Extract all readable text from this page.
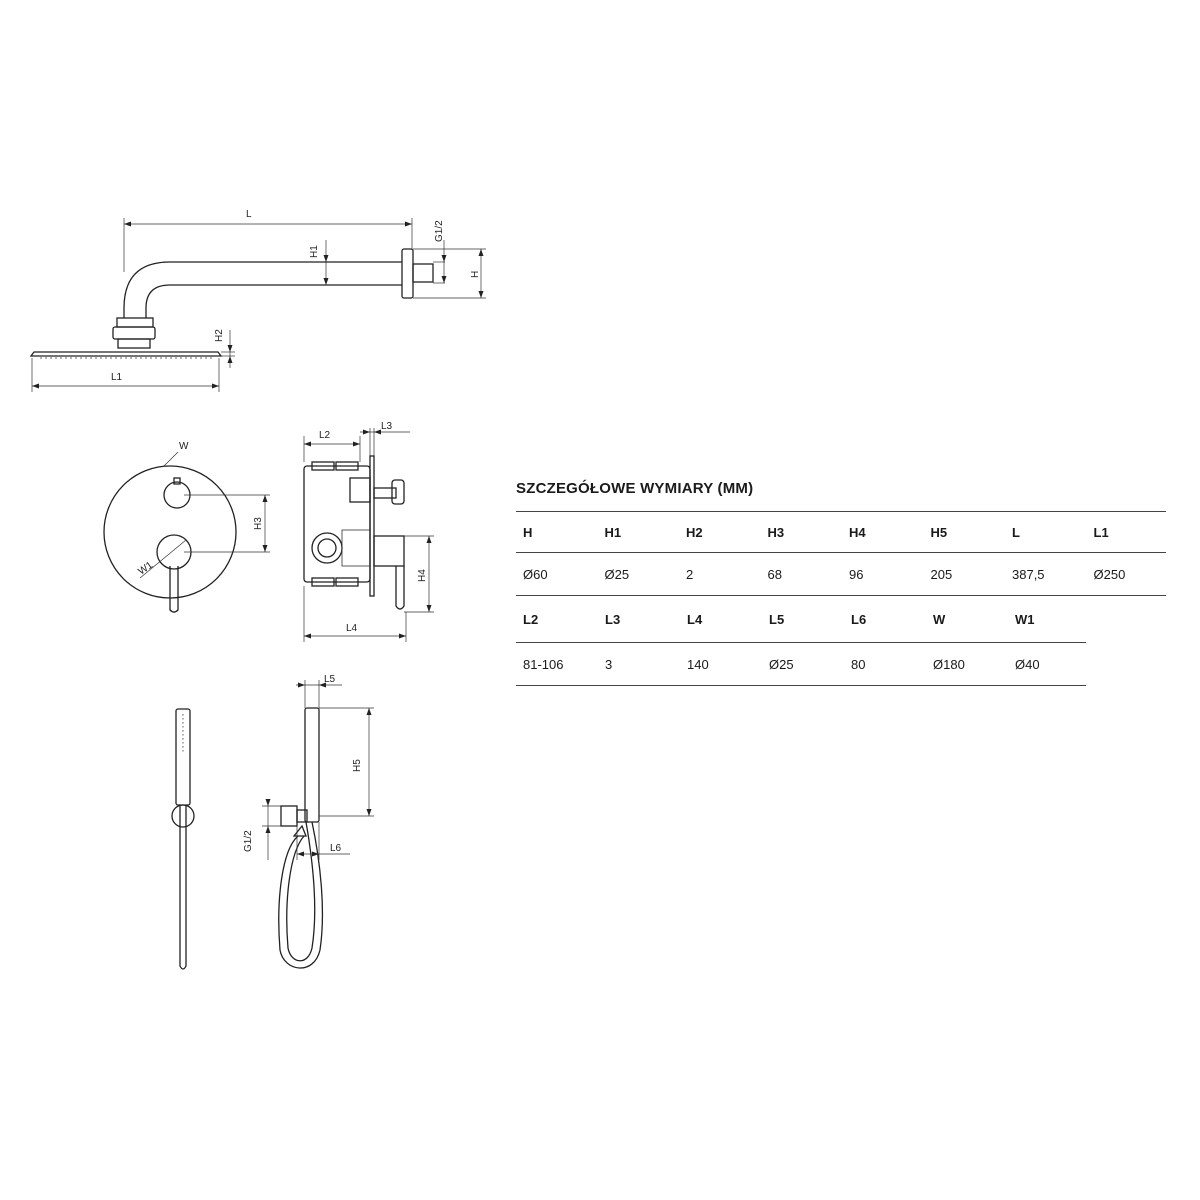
L
H1
G1/2
H
H2
L1
W
H3
W1
L2
L3
H4
L4
L5
H5
G1/2	L6
SZCZEGÓŁOWE WYMIARY (MM)
H	H1	H2	H3	H4	H5	L	L1
Ø60	Ø25	2	68	96	205	387,5	Ø250
L2	L3	L4	L5	L6	W	W1
81-106	3	140	Ø25	80	Ø180	Ø40
